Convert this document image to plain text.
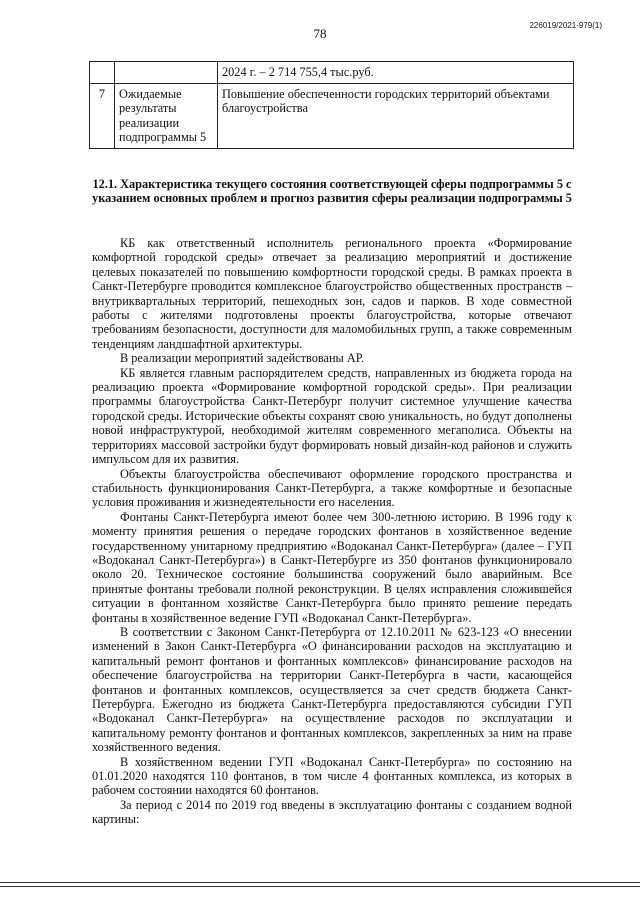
78
226019/2021-979(1)
		2024 г. – 2 714 755,4 тыс.руб.
7	Ожидаемые результаты реализации подпрограммы 5	Повышение обеспеченности городских территорий объектами благоустройства
12.1. Характеристика текущего состояния соответствующей сферы подпрограммы 5 с указанием основных проблем и прогноз развития сферы реализации подпрограммы 5

КБ как ответственный исполнитель регионального проекта «Формирование комфортной городской среды» отвечает за реализацию мероприятий и достижение целевых показателей по повышению комфортности городской среды. В рамках проекта в Санкт-Петербурге проводится комплексное благоустройство общественных пространств – внутриквартальных территорий, пешеходных зон, садов и парков. В ходе совместной работы с жителями подготовлены проекты благоустройства, которые отвечают требованиям безопасности, доступности для маломобильных групп, а также современным тенденциям ландшафтной архитектуры.

В реализации мероприятий задействованы АР.

КБ является главным распорядителем средств, направленных из бюджета города на реализацию проекта «Формирование комфортной городской среды». При реализации программы благоустройства Санкт-Петербург получит системное улучшение качества городской среды. Исторические объекты сохранят свою уникальность, но будут дополнены новой инфраструктурой, необходимой жителям современного мегаполиса. Объекты на территориях массовой застройки будут формировать новый дизайн-код районов и служить импульсом для их развития.

Объекты благоустройства обеспечивают оформление городского пространства и стабильность функционирования Санкт-Петербурга, а также комфортные и безопасные условия проживания и жизнедеятельности его населения.

Фонтаны Санкт-Петербурга имеют более чем 300-летнюю историю. В 1996 году к моменту принятия решения о передаче городских фонтанов в хозяйственное ведение государственному унитарному предприятию «Водоканал Санкт-Петербурга» (далее – ГУП «Водоканал Санкт-Петербурга») в Санкт-Петербурге из 350 фонтанов функционировало около 20. Техническое состояние большинства сооружений было аварийным. Все принятые фонтаны требовали полной реконструкции. В целях исправления сложившейся ситуации в фонтанном хозяйстве Санкт-Петербурга было принято решение передать фонтаны в хозяйственное ведение ГУП «Водоканал Санкт-Петербурга».

В соответствии с Законом Санкт-Петербурга от 12.10.2011 № 623-123 «О внесении изменений в Закон Санкт-Петербурга «О финансировании расходов на эксплуатацию и капитальный ремонт фонтанов и фонтанных комплексов» финансирование расходов на обеспечение благоустройства на территории Санкт-Петербурга в части, касающейся фонтанов и фонтанных комплексов, осуществляется за счет средств бюджета Санкт-Петербурга. Ежегодно из бюджета Санкт-Петербурга предоставляются субсидии ГУП «Водоканал Санкт-Петербурга» на осуществление расходов по эксплуатации и капитальному ремонту фонтанов и фонтанных комплексов, закрепленных за ним на праве хозяйственного ведения.

В хозяйственном ведении ГУП «Водоканал Санкт-Петербурга» по состоянию на 01.01.2020 находятся 110 фонтанов, в том числе 4 фонтанных комплекса, из которых в рабочем состоянии находятся 60 фонтанов.

За период с 2014 по 2019 год введены в эксплуатацию фонтаны с созданием водной картины:
